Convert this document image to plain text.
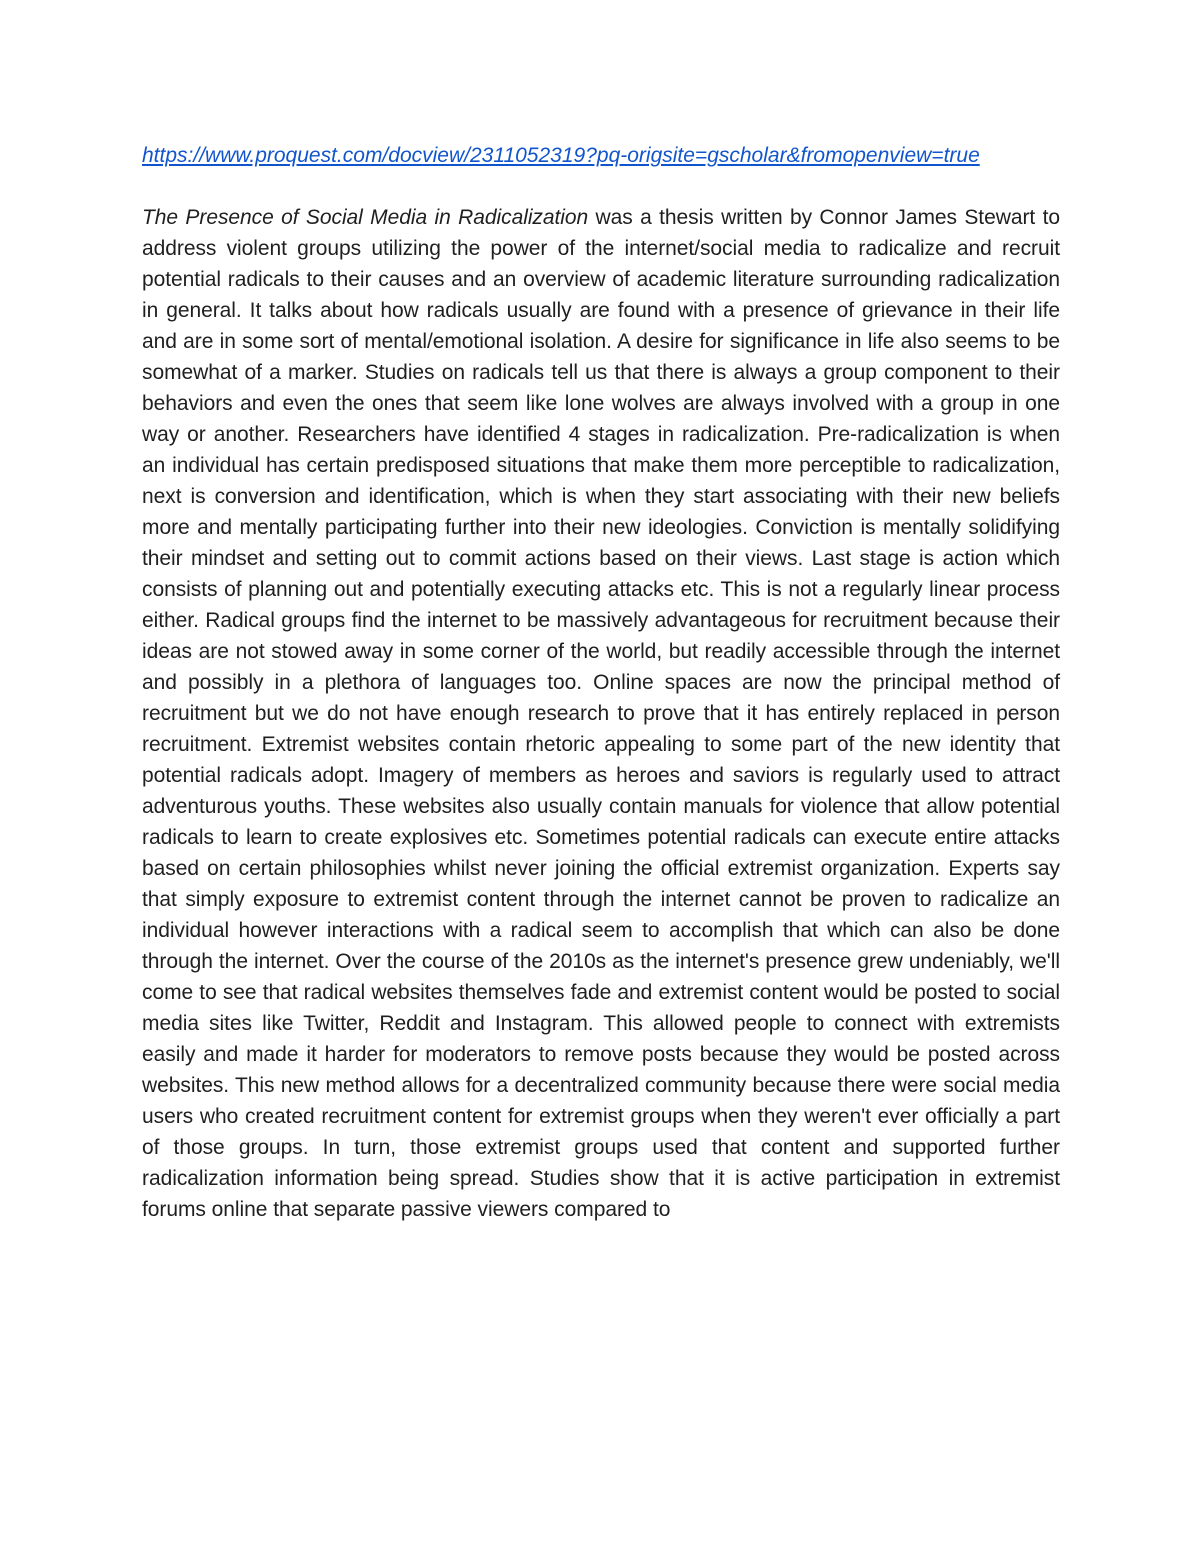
https://www.proquest.com/docview/2311052319?pq-origsite=gscholar&fromopenview=true

The Presence of Social Media in Radicalization was a thesis written by Connor James Stewart to address violent groups utilizing the power of the internet/social media to radicalize and recruit potential radicals to their causes and an overview of academic literature surrounding radicalization in general. It talks about how radicals usually are found with a presence of grievance in their life and are in some sort of mental/emotional isolation. A desire for significance in life also seems to be somewhat of a marker. Studies on radicals tell us that there is always a group component to their behaviors and even the ones that seem like lone wolves are always involved with a group in one way or another. Researchers have identified 4 stages in radicalization. Pre-radicalization is when an individual has certain predisposed situations that make them more perceptible to radicalization, next is conversion and identification, which is when they start associating with their new beliefs more and mentally participating further into their new ideologies. Conviction is mentally solidifying their mindset and setting out to commit actions based on their views. Last stage is action which consists of planning out and potentially executing attacks etc. This is not a regularly linear process either. Radical groups find the internet to be massively advantageous for recruitment because their ideas are not stowed away in some corner of the world, but readily accessible through the internet and possibly in a plethora of languages too. Online spaces are now the principal method of recruitment but we do not have enough research to prove that it has entirely replaced in person recruitment. Extremist websites contain rhetoric appealing to some part of the new identity that potential radicals adopt. Imagery of members as heroes and saviors is regularly used to attract adventurous youths. These websites also usually contain manuals for violence that allow potential radicals to learn to create explosives etc. Sometimes potential radicals can execute entire attacks based on certain philosophies whilst never joining the official extremist organization. Experts say that simply exposure to extremist content through the internet cannot be proven to radicalize an individual however interactions with a radical seem to accomplish that which can also be done through the internet. Over the course of the 2010s as the internet's presence grew undeniably, we'll come to see that radical websites themselves fade and extremist content would be posted to social media sites like Twitter, Reddit and Instagram. This allowed people to connect with extremists easily and made it harder for moderators to remove posts because they would be posted across websites. This new method allows for a decentralized community because there were social media users who created recruitment content for extremist groups when they weren't ever officially a part of those groups. In turn, those extremist groups used that content and supported further radicalization information being spread. Studies show that it is active participation in extremist forums online that separate passive viewers compared to
